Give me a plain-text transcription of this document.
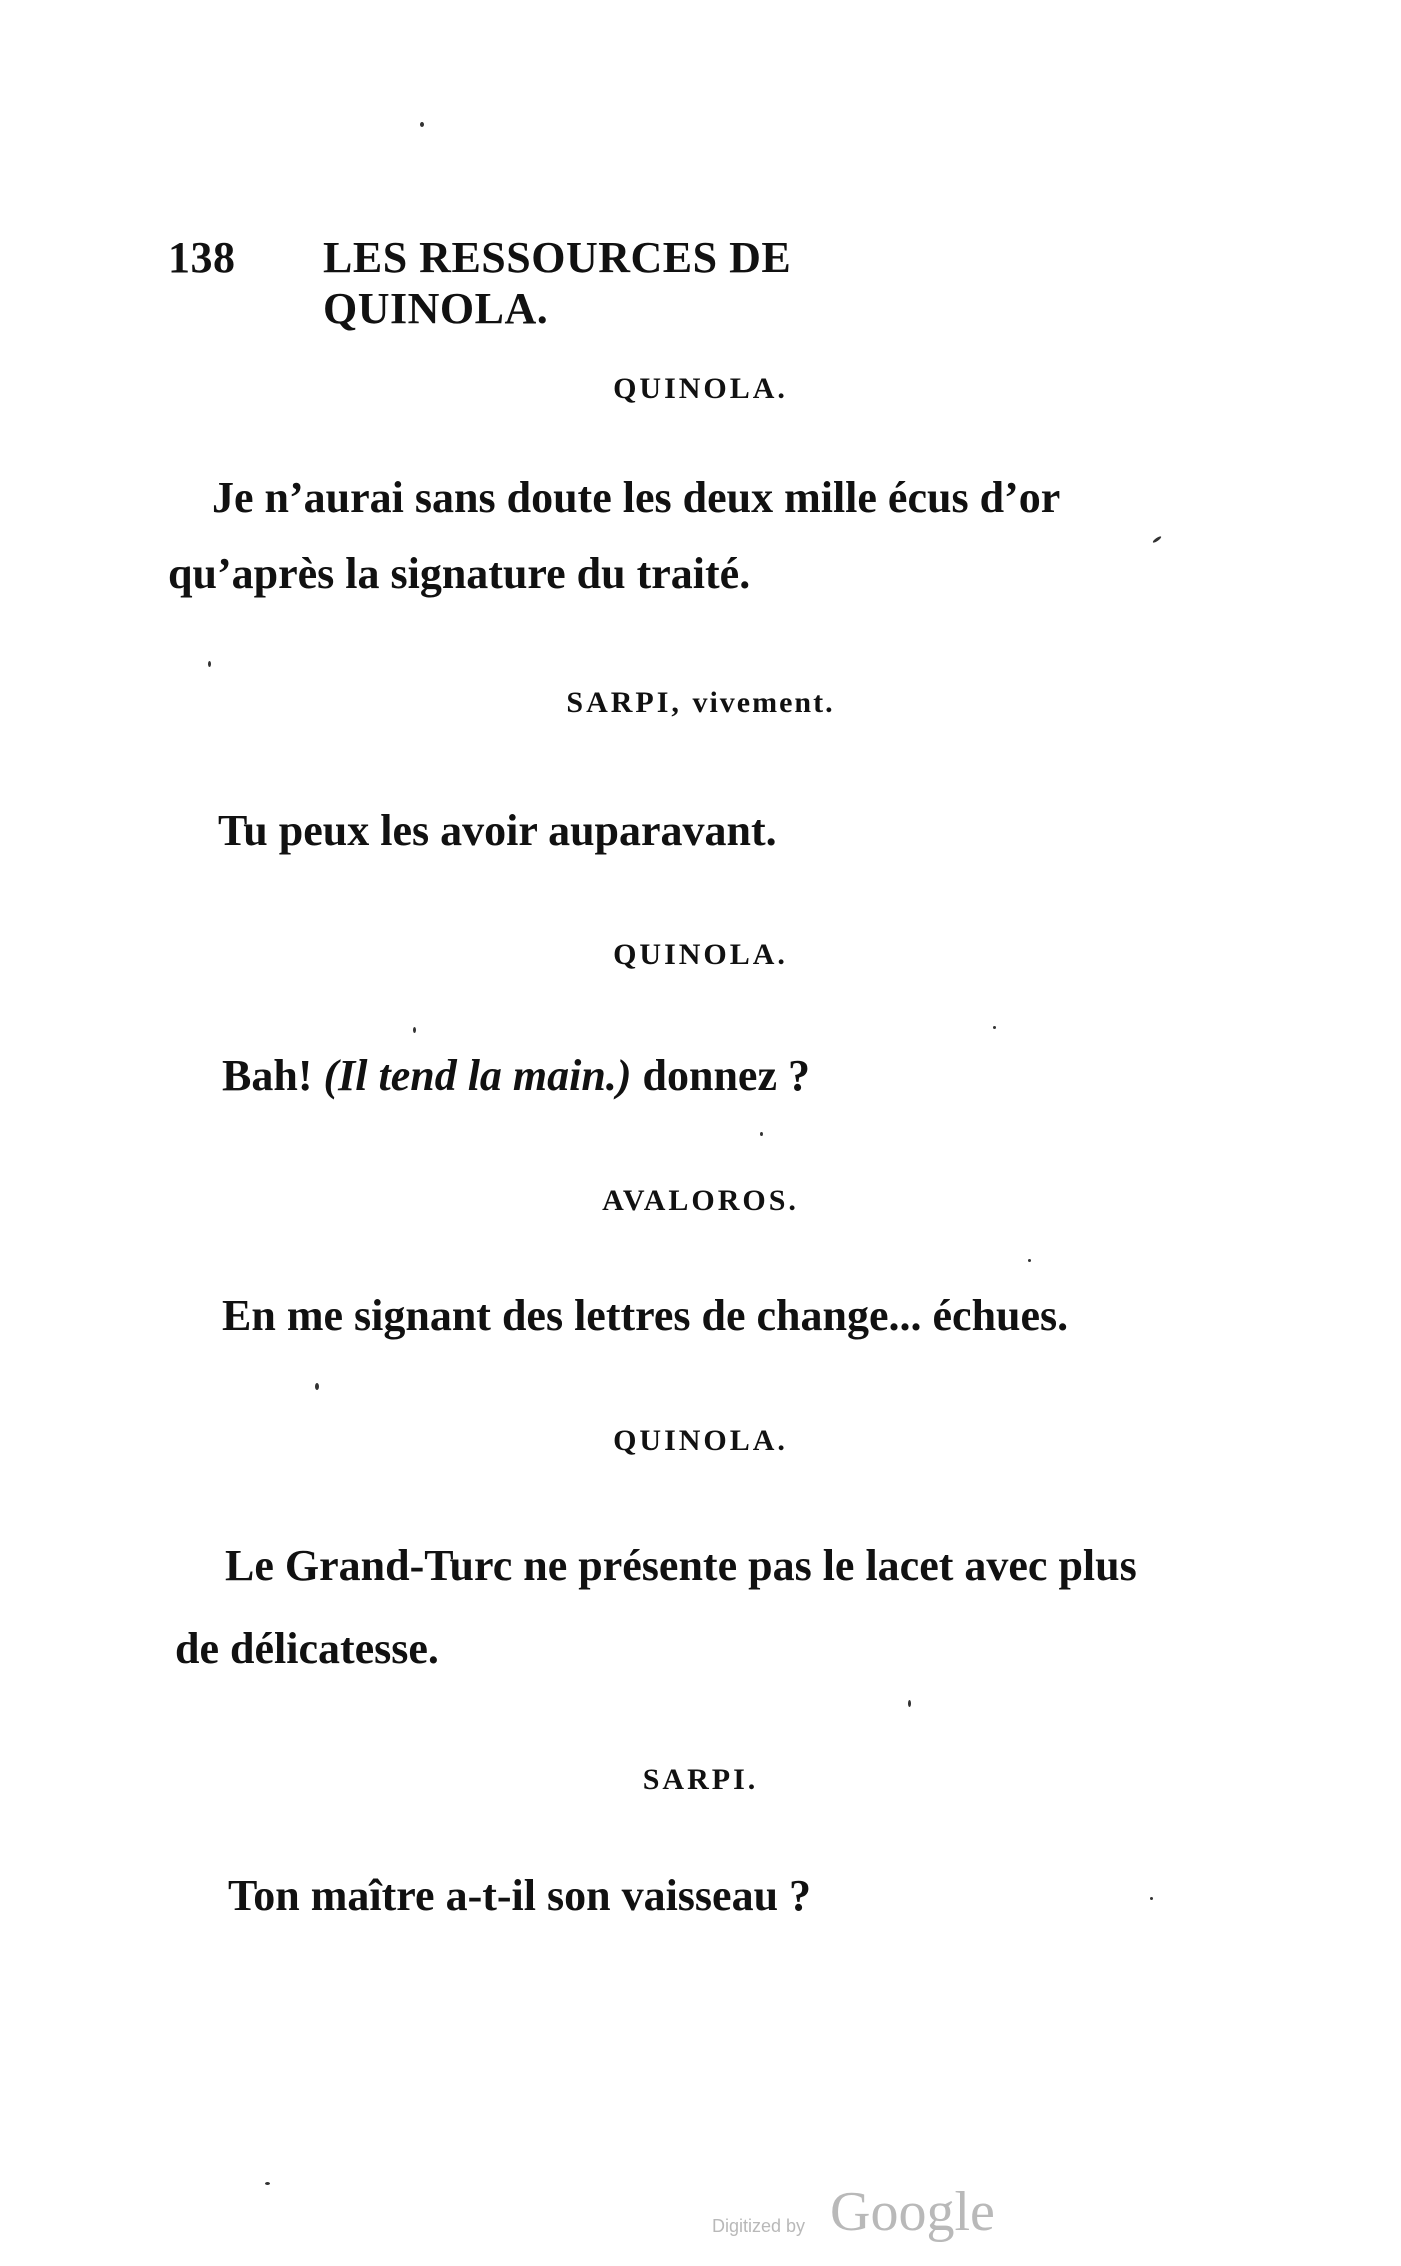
138 LES RESSOURCES DE QUINOLA.
QUINOLA.
Je n’aurai sans doute les deux mille écus d’or
qu’après la signature du traité.
SARPI, vivement.
Tu peux les avoir auparavant.
QUINOLA.
Bah! (Il tend la main.) donnez ?
AVALOROS.
En me signant des lettres de change... échues.
QUINOLA.
Le Grand-Turc ne présente pas le lacet avec plus
de délicatesse.
SARPI.
Ton maître a-t-il son vaisseau ?
Digitized by Google
